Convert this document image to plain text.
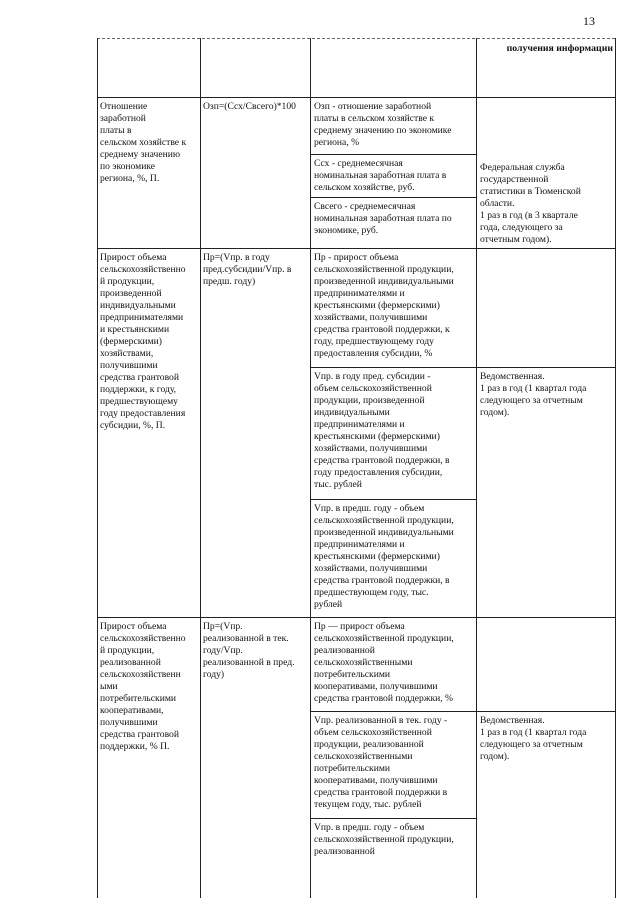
13
получения информации
Отношение
заработной
платы в
сельском хозяйстве к
среднему значению
по экономике
региона, %, П.
Озп=(Ссх/Свсего)*100	Озп - отношение заработной
платы в сельском хозяйстве к
среднему значению по экономике
региона, %
Ссх - среднемесячная
номинальная заработная плата в
сельском хозяйстве, руб.
Свсего - среднемесячная
номинальная заработная плата по
экономике, руб.
Федеральная служба
государственной
статистики в Тюменской
области.
1 раз в год (в 3 квартале
года, следующего за
отчетным годом).
Прирост объема
сельскохозяйственно
й продукции,
произведенной
индивидуальными
предпринимателями
и крестьянскими
(фермерскими)
хозяйствами,
получившими
средства грантовой
поддержки, к году,
предшествующему
году предоставления
субсидии, %, П.
Пр=(Vпр. в году
пред.субсидии/Vпр. в
предш. году)
Пр - прирост объема
сельскохозяйственной продукции,
произведенной индивидуальными
предпринимателями и
крестьянскими (фермерскими)
хозяйствами, получившими
средства грантовой поддержки, к
году, предшествующему году
предоставления субсидии, %
Vпр. в году пред. субсидии -
объем сельскохозяйственной
продукции, произведенной
индивидуальными
предпринимателями и
крестьянскими (фермерскими)
хозяйствами, получившими
средства грантовой поддержки, в
году предоставления субсидии,
тыс. рублей
Vпр. в предш. году - объем
сельскохозяйственной продукции,
произведенной индивидуальными
предпринимателями и
крестьянскими (фермерскими)
хозяйствами, получившими
средства грантовой поддержки, в
предшествующем году, тыс.
рублей
Ведомственная.
1 раз в год (1 квартал года
следующего за отчетным
годом).
Прирост объема
сельскохозяйственно
й продукции,
реализованной
сельскохозяйственн
ыми
потребительскими
кооперативами,
получившими
средства грантовой
поддержки, % П.
Пр=(Vпр.
реализованной в тек.
году/Vпр.
реализованной в пред.
году)
Пр — прирост объема
сельскохозяйственной продукции,
реализованной
сельскохозяйственными
потребительскими
кооперативами, получившими
средства грантовой поддержки, %
Vпр. реализованной в тек. году -
объем сельскохозяйственной
продукции, реализованной
сельскохозяйственными
потребительскими
кооперативами, получившими
средства грантовой поддержки в
текущем году, тыс. рублей
Vпр. в предш. году - объем
сельскохозяйственной продукции,
реализованной
Ведомственная.
1 раз в год (1 квартал года
следующего за отчетным
годом).
